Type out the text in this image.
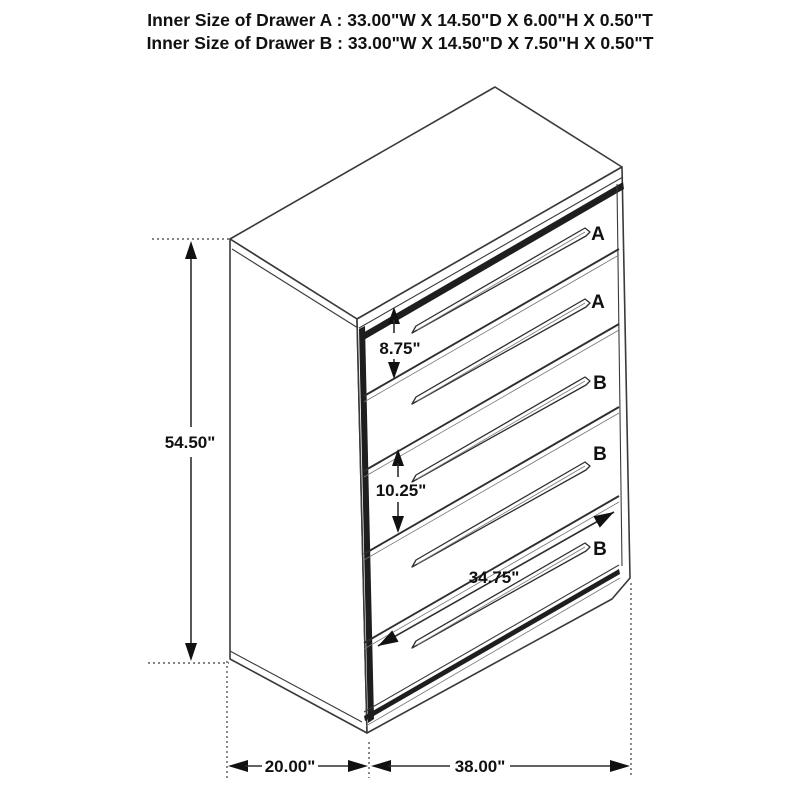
Inner Size of Drawer A : 33.00"W X 14.50"D X 6.00"H X 0.50"T
Inner Size of Drawer B : 33.00"W X 14.50"D X 7.50"H X 0.50"T
A
A
B
B
B
54.50"
8.75"
10.25"
34.75"
20.00"	38.00"
